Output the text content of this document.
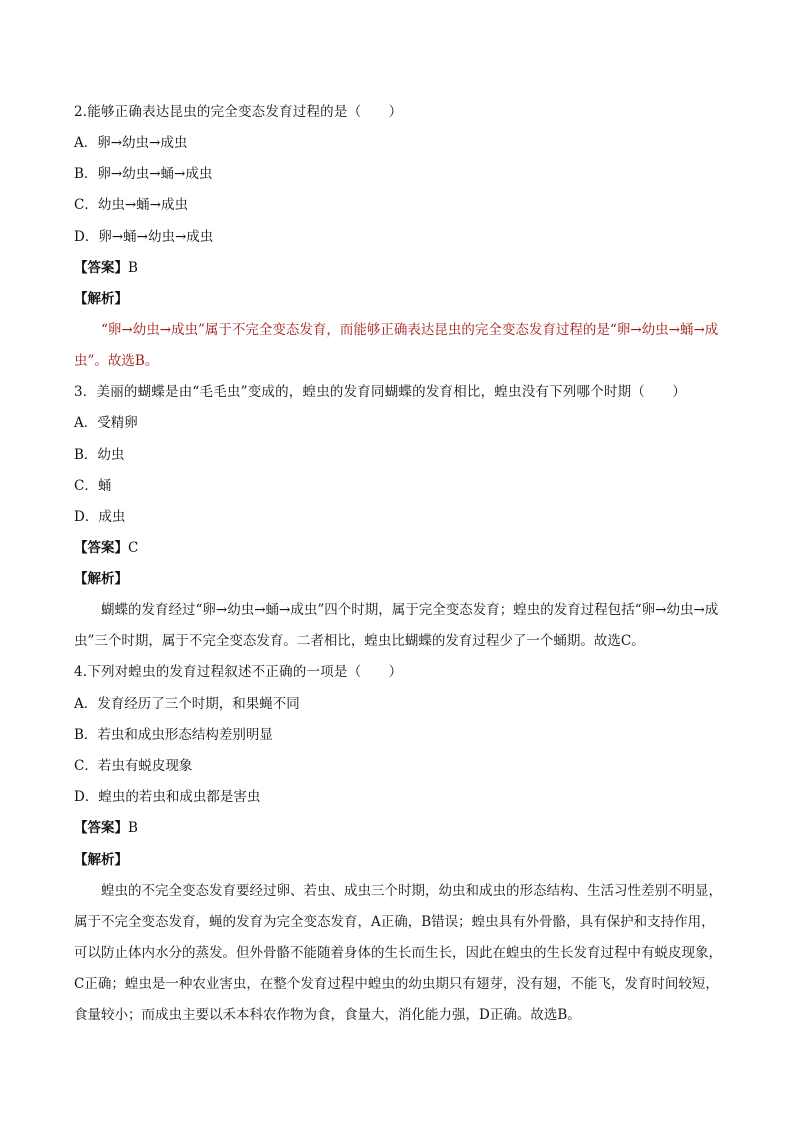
2.能够正确表达昆虫的完全变态发育过程的是（　　）
A．卵→幼虫→成虫
B．卵→幼虫→蛹→成虫
C．幼虫→蛹→成虫
D．卵→蛹→幼虫→成虫
【答案】B
【解析】
“卵→幼虫→成虫”属于不完全变态发育，而能够正确表达昆虫的完全变态发育过程的是“卵→幼虫→蛹→成虫”。故选B。
3．美丽的蝴蝶是由“毛毛虫”变成的，蝗虫的发育同蝴蝶的发育相比，蝗虫没有下列哪个时期（　　）
A．受精卵
B．幼虫
C．蛹
D．成虫
【答案】C
【解析】
蝴蝶的发育经过“卵→幼虫→蛹→成虫”四个时期，属于完全变态发育；蝗虫的发育过程包括“卵→幼虫→成虫”三个时期，属于不完全变态发育。二者相比，蝗虫比蝴蝶的发育过程少了一个蛹期。故选C。
4.下列对蝗虫的发育过程叙述不正确的一项是（　　）
A．发育经历了三个时期，和果蝇不同
B．若虫和成虫形态结构差别明显
C．若虫有蜕皮现象
D．蝗虫的若虫和成虫都是害虫
【答案】B
【解析】
蝗虫的不完全变态发育要经过卵、若虫、成虫三个时期，幼虫和成虫的形态结构、生活习性差别不明显，属于不完全变态发育，蝇的发育为完全变态发育，A正确，B错误；蝗虫具有外骨骼，具有保护和支持作用，可以防止体内水分的蒸发。但外骨骼不能随着身体的生长而生长，因此在蝗虫的生长发育过程中有蜕皮现象，C正确；蝗虫是一种农业害虫，在整个发育过程中蝗虫的幼虫期只有翅芽，没有翅，不能飞，发育时间较短，食量较小；而成虫主要以禾本科农作物为食，食量大，消化能力强，D正确。故选B。
